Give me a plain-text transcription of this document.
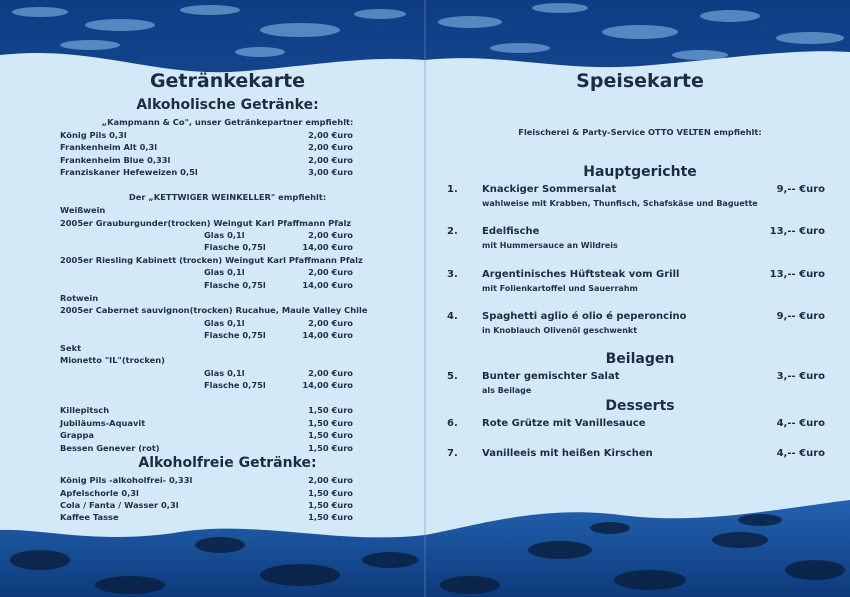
Getränkekarte
Alkoholische Getränke:
„Kampmann & Co", unser Getränkepartner empfiehlt:
König Pils 0,3l	2,00 €uro
Frankenheim Alt 0,3l	2,00 €uro
Frankenheim Blue 0,33l	2,00 €uro
Franziskaner Hefeweizen 0,5l	3,00 €uro
Der „KETTWIGER WEINKELLER" empfiehlt:
Weißwein
2005er Grauburgunder(trocken) Weingut Karl Pfaffmann Pfalz
Glas 0,1l	2,00 €uro
Flasche 0,75l	14,00 €uro
2005er Riesling Kabinett (trocken) Weingut Karl Pfaffmann Pfalz
Glas 0,1l	2,00 €uro
Flasche 0,75l	14,00 €uro
Rotwein
2005er Cabernet sauvignon(trocken) Rucahue, Maule Valley Chile
Glas 0,1l	2,00 €uro
Flasche 0,75l	14,00 €uro
Sekt
Mionetto "IL"(trocken)
Glas 0,1l	2,00 €uro
Flasche 0,75l	14,00 €uro
Killepitsch	1,50 €uro
Jubiläums-Aquavit	1,50 €uro
Grappa	1,50 €uro
Bessen Genever (rot)	1,50 €uro
Alkoholfreie Getränke:
König Pils -alkoholfrei- 0,33l	2,00 €uro
Apfelschorle 0,3l	1,50 €uro
Cola / Fanta / Wasser 0,3l	1,50 €uro
Kaffee Tasse	1,50 €uro
Speisekarte
Fleischerei & Party-Service OTTO VELTEN empfiehlt:
Hauptgerichte
1. Knackiger Sommersalat
wahlweise mit Krabben, Thunfisch, Schafskäse und Baguette
9,-- €uro
2. Edelfische
mit Hummersauce an Wildreis
13,-- €uro
3. Argentinisches Hüftsteak vom Grill
mit Folienkartoffel und Sauerrahm
13,-- €uro
4. Spaghetti aglio é olio é peperoncino
in Knoblauch Olivenöl geschwenkt
9,-- €uro
Beilagen
5. Bunter gemischter Salat
als Beilage
3,-- €uro
Desserts
6. Rote Grütze mit Vanillesauce	4,-- €uro
7. Vanilleeis mit heißen Kirschen	4,-- €uro
